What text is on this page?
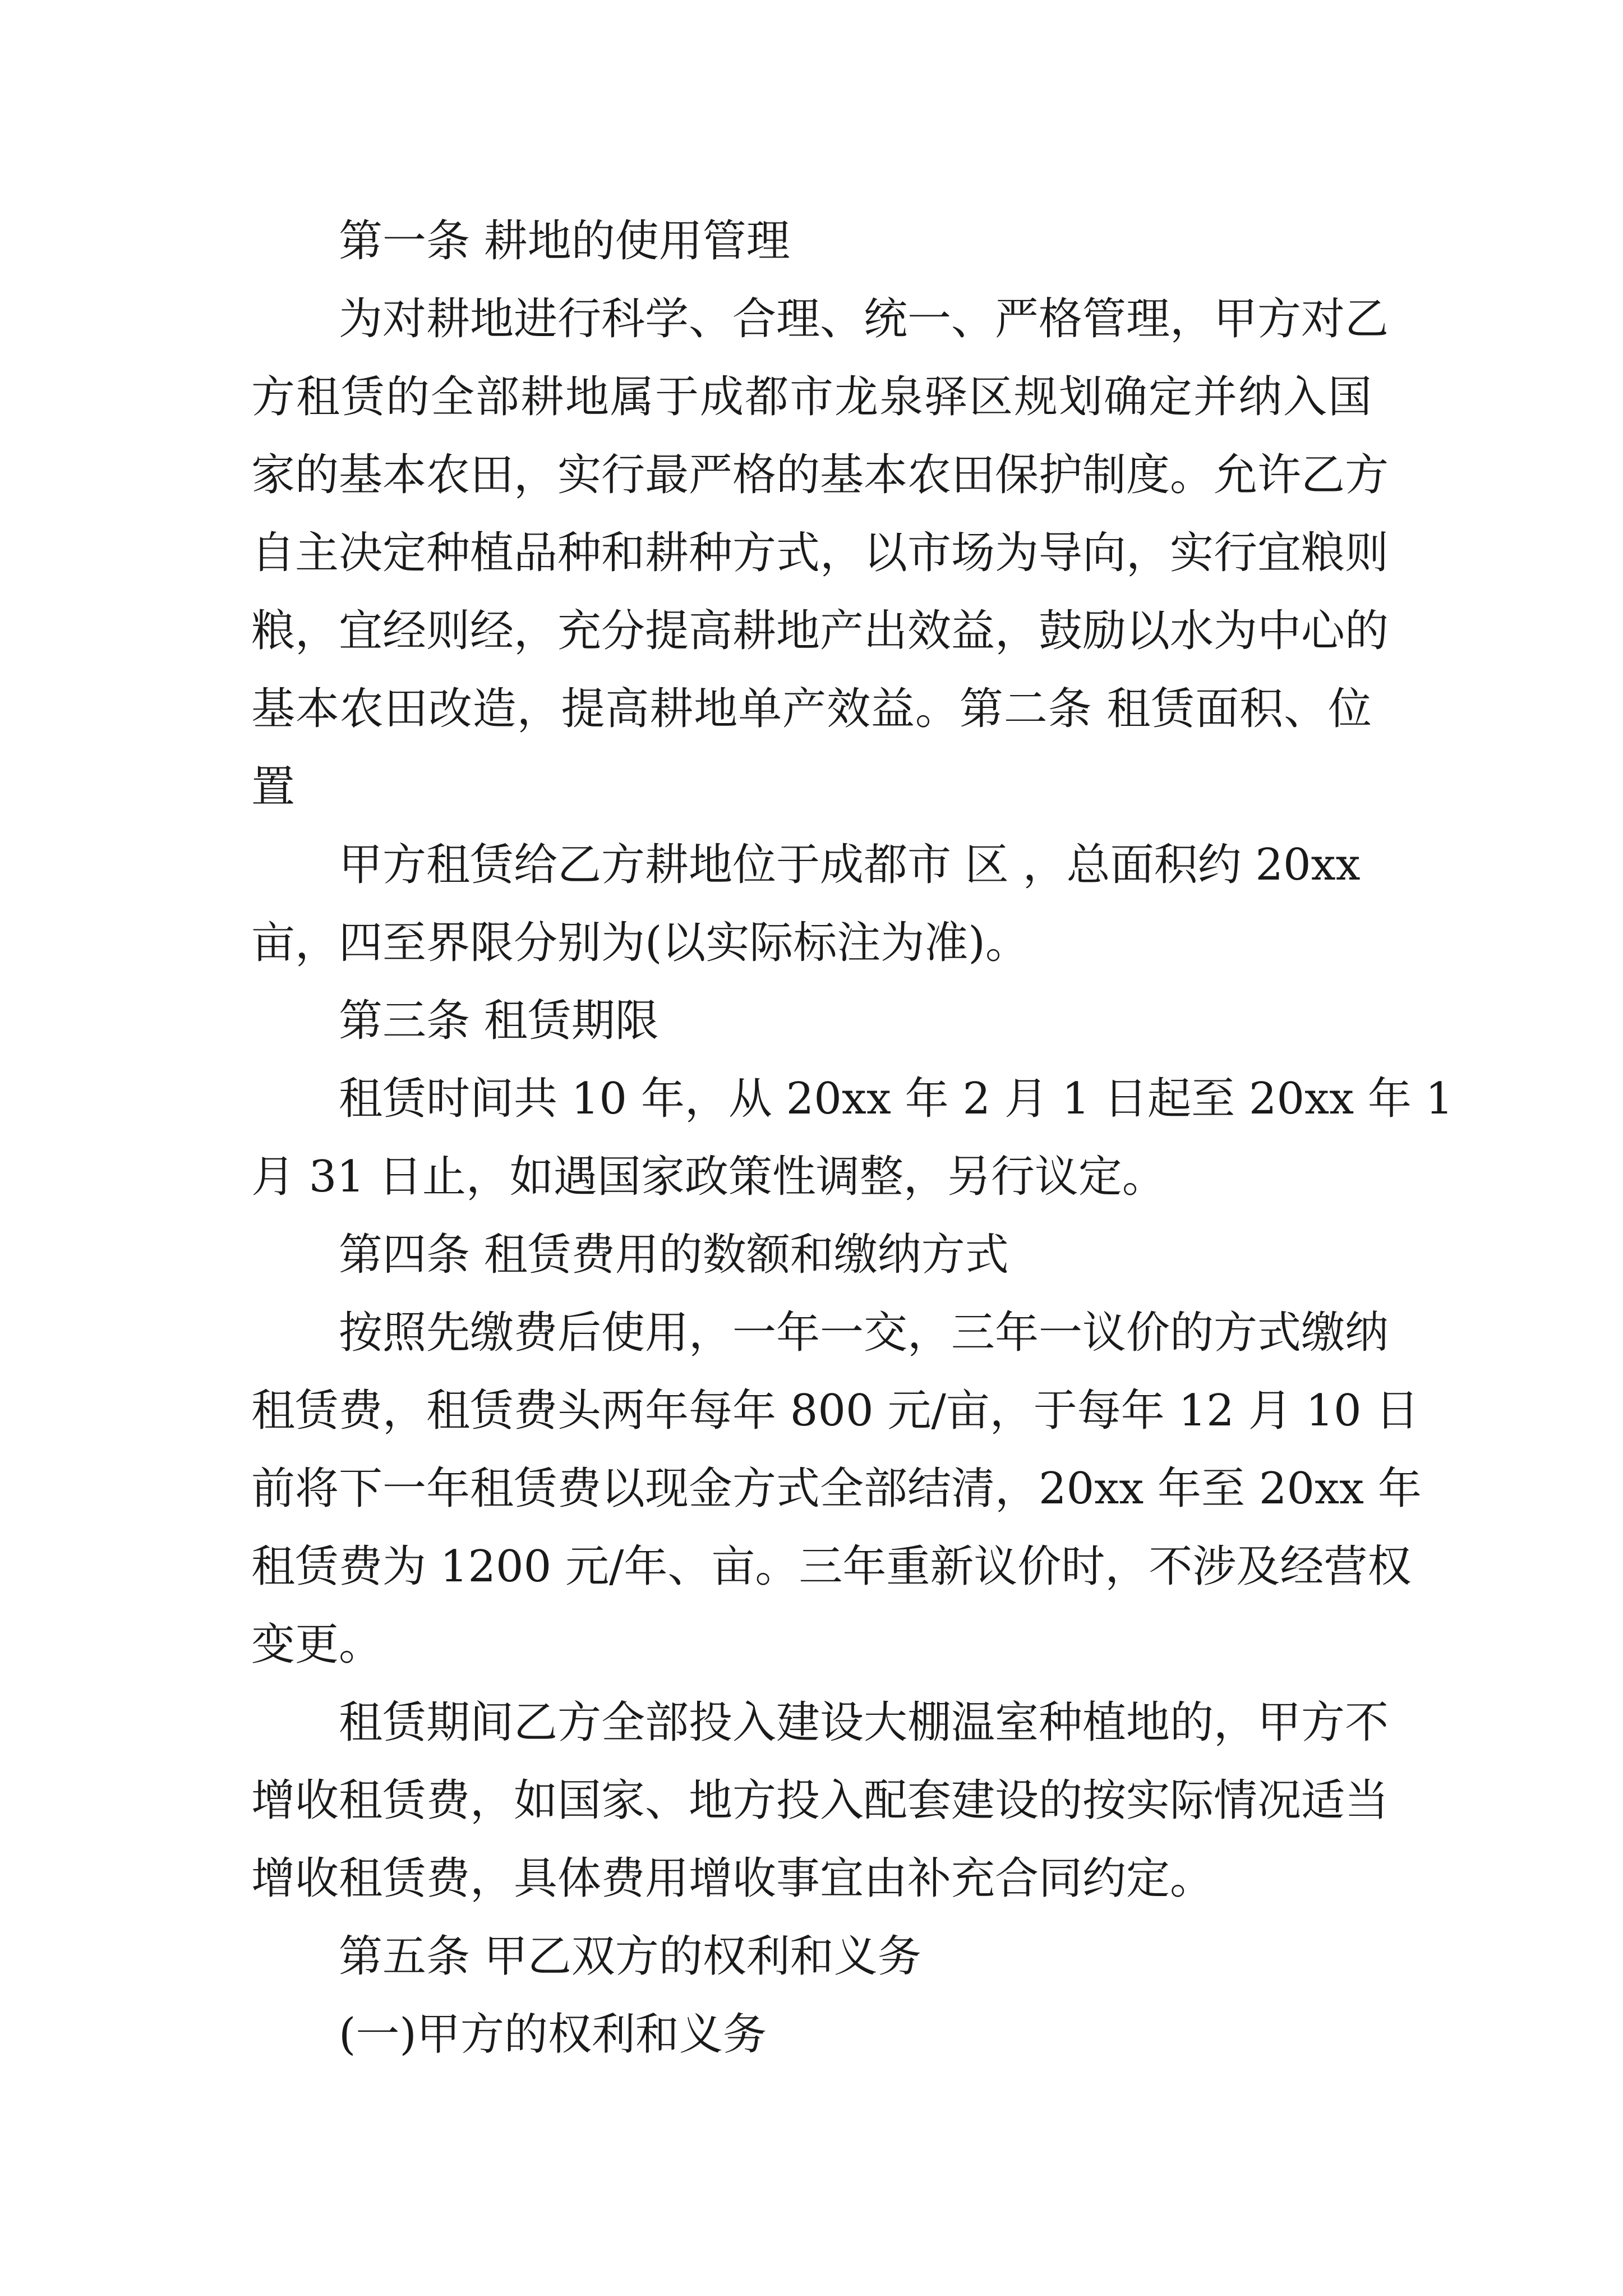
第一条 耕地的使用管理
为对耕地进行科学、合理、统一、严格管理，甲方对乙
方租赁的全部耕地属于成都市龙泉驿区规划确定并纳入国
家的基本农田，实行最严格的基本农田保护制度。允许乙方
自主决定种植品种和耕种方式，以市场为导向，实行宜粮则
粮，宜经则经，充分提高耕地产出效益，鼓励以水为中心的
基本农田改造，提高耕地单产效益。第二条 租赁面积、位
置
甲方租赁给乙方耕地位于成都市 区 ，总面积约 20xx
亩，四至界限分别为(以实际标注为准)。
第三条 租赁期限
租赁时间共 10 年，从 20xx 年 2 月 1 日起至 20xx 年 1
月 31 日止，如遇国家政策性调整，另行议定。
第四条 租赁费用的数额和缴纳方式
按照先缴费后使用，一年一交，三年一议价的方式缴纳
租赁费，租赁费头两年每年 800 元/亩，于每年 12 月 10 日
前将下一年租赁费以现金方式全部结清，20xx 年至 20xx 年
租赁费为 1200 元/年、亩。三年重新议价时，不涉及经营权
变更。
租赁期间乙方全部投入建设大棚温室种植地的，甲方不
增收租赁费，如国家、地方投入配套建设的按实际情况适当
增收租赁费，具体费用增收事宜由补充合同约定。
第五条 甲乙双方的权利和义务
(一)甲方的权利和义务
